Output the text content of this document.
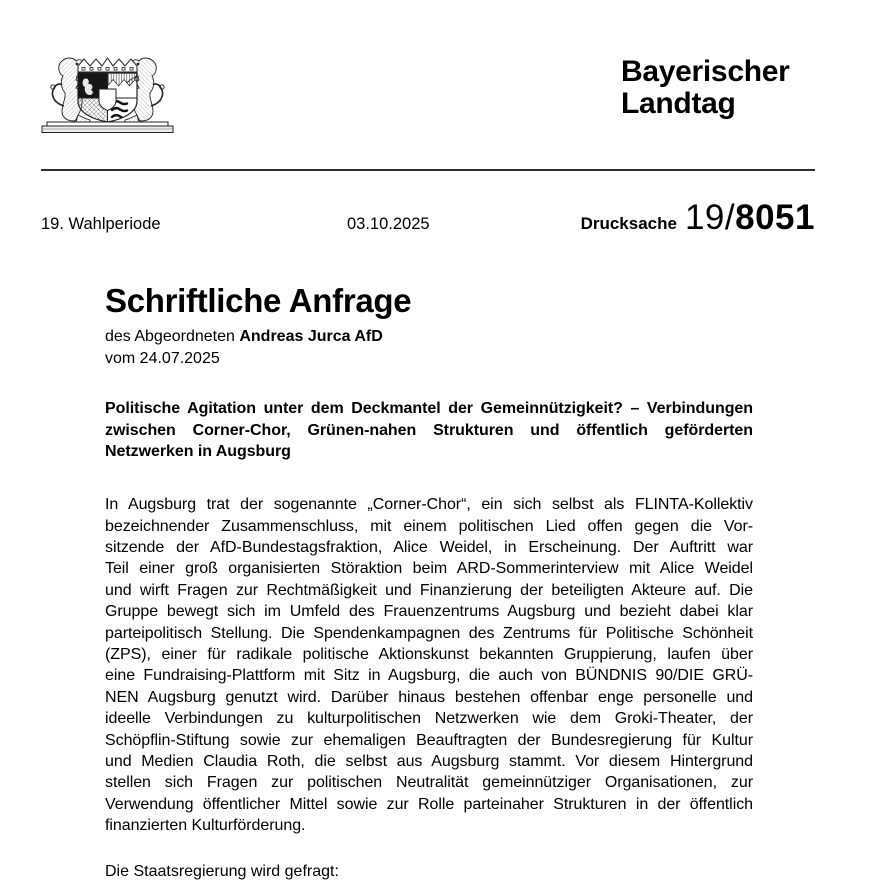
Bayerischer
Landtag
19. Wahlperiode	03.10.2025	Drucksache 19/8051
Schriftliche Anfrage

des Abgeordneten Andreas Jurca AfD

vom 24.07.2025

Politische Agitation unter dem Deckmantel der Gemeinnützigkeit? – Verbindungen
zwischen Corner-Chor, Grünen-nahen Strukturen und öffentlich geförderten
Netzwerken in Augsburg
In Augsburg trat der sogenannte „Corner-Chor“, ein sich selbst als FLINTA-Kollektiv
bezeichnender Zusammenschluss, mit einem politischen Lied offen gegen die Vor-
sitzende der AfD-Bundestagsfraktion, Alice Weidel, in Erscheinung. Der Auftritt war
Teil einer groß organisierten Störaktion beim ARD-Sommerinterview mit Alice Weidel
und wirft Fragen zur Rechtmäßigkeit und Finanzierung der beteiligten Akteure auf. Die
Gruppe bewegt sich im Umfeld des Frauenzentrums Augsburg und bezieht dabei klar
parteipolitisch Stellung. Die Spendenkampagnen des Zentrums für Politische Schönheit
(ZPS), einer für radikale politische Aktionskunst bekannten Gruppierung, laufen über
eine Fundraising-Plattform mit Sitz in Augsburg, die auch von BÜNDNIS 90/DIE GRÜ-
NEN Augsburg genutzt wird. Darüber hinaus bestehen offenbar enge personelle und
ideelle Verbindungen zu kulturpolitischen Netzwerken wie dem Groki-Theater, der
Schöpflin-Stiftung sowie zur ehemaligen Beauftragten der Bundesregierung für Kultur
und Medien Claudia Roth, die selbst aus Augsburg stammt. Vor diesem Hintergrund
stellen sich Fragen zur politischen Neutralität gemeinnütziger Organisationen, zur
Verwendung öffentlicher Mittel sowie zur Rolle parteinaher Strukturen in der öffentlich
finanzierten Kulturförderung.

Die Staatsregierung wird gefragt:
